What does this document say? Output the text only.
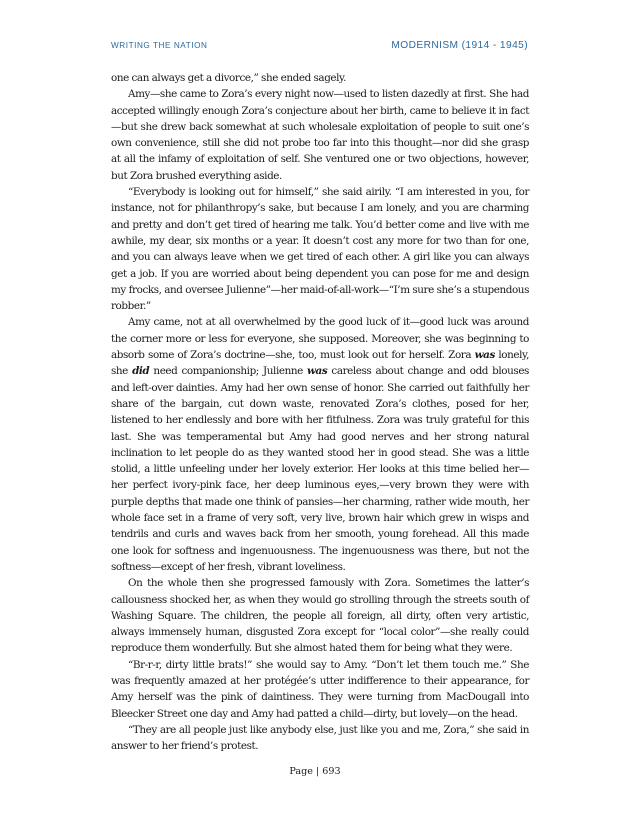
WRITING THE NATION	MODERNISM (1914 - 1945)

one can always get a divorce,” she ended sagely.

Amy—she came to Zora’s every night now—used to listen dazedly at first. She had accepted willingly enough Zora’s conjecture about her birth, came to believe it in fact—but she drew back somewhat at such wholesale exploitation of people to suit one’s own convenience, still she did not probe too far into this thought—nor did she grasp at all the infamy of exploitation of self. She ventured one or two objections, however, but Zora brushed everything aside.

“Everybody is looking out for himself,” she said airily. “I am interested in you, for instance, not for philanthropy’s sake, but because I am lonely, and you are charming and pretty and don’t get tired of hearing me talk. You’d better come and live with me awhile, my dear, six months or a year. It doesn’t cost any more for two than for one, and you can always leave when we get tired of each other. A girl like you can always get a job. If you are worried about being dependent you can pose for me and design my frocks, and oversee Julienne”—her maid-of-all-work—“I’m sure she’s a stupendous robber.”

Amy came, not at all overwhelmed by the good luck of it—good luck was around the corner more or less for everyone, she supposed. Moreover, she was beginning to absorb some of Zora’s doctrine—she, too, must look out for herself. Zora was lonely, she did need companionship; Julienne was careless about change and odd blouses and left-over dainties. Amy had her own sense of honor. She carried out faithfully her share of the bargain, cut down waste, renovated Zora’s clothes, posed for her, listened to her endlessly and bore with her fitfulness. Zora was truly grateful for this last. She was temperamental but Amy had good nerves and her strong natural inclination to let people do as they wanted stood her in good stead. She was a little stolid, a little unfeeling under her lovely exterior. Her looks at this time belied her—her perfect ivory-pink face, her deep luminous eyes,—very brown they were with purple depths that made one think of pansies—her charming, rather wide mouth, her whole face set in a frame of very soft, very live, brown hair which grew in wisps and tendrils and curls and waves back from her smooth, young forehead. All this made one look for softness and ingenuousness. The ingenuousness was there, but not the softness—except of her fresh, vibrant loveliness.

On the whole then she progressed famously with Zora. Sometimes the latter’s callousness shocked her, as when they would go strolling through the streets south of Washing Square. The children, the people all foreign, all dirty, often very artistic, always immensely human, disgusted Zora except for “local color”—she really could reproduce them wonderfully. But she almost hated them for being what they were.

“Br-r-r, dirty little brats!” she would say to Amy. “Don’t let them touch me.” She was frequently amazed at her protégée’s utter indifference to their appearance, for Amy herself was the pink of daintiness. They were turning from MacDougall into Bleecker Street one day and Amy had patted a child—dirty, but lovely—on the head.

“They are all people just like anybody else, just like you and me, Zora,” she said in answer to her friend’s protest.

Page | 693
